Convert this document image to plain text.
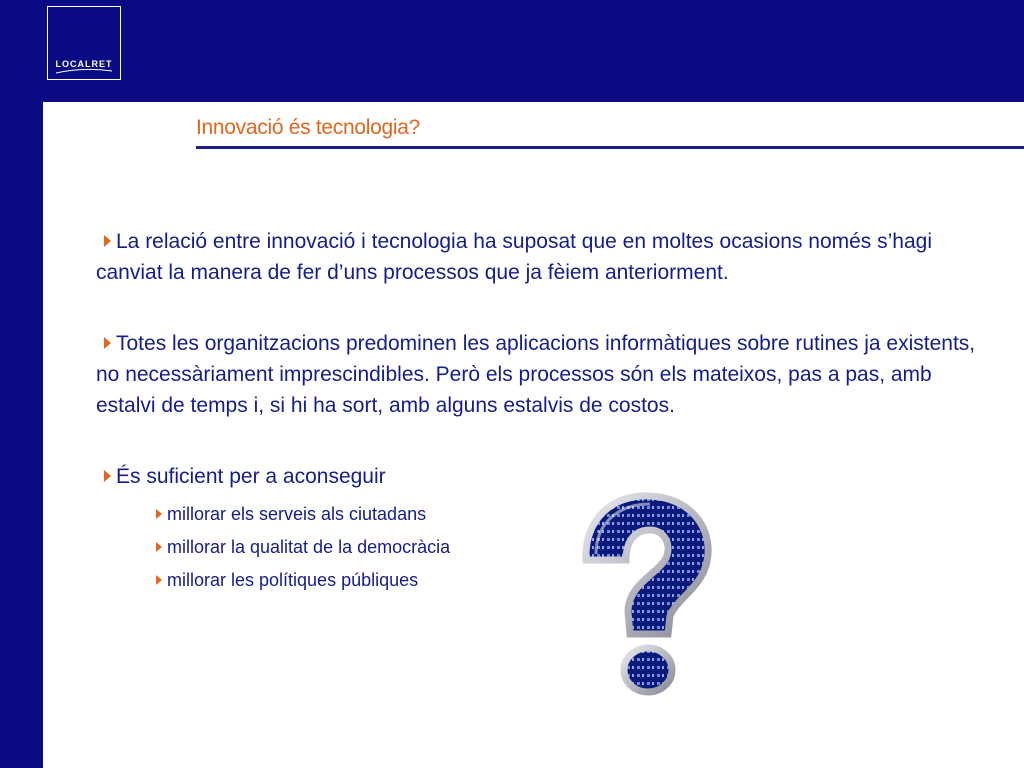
LOCALRET
Innovació és tecnologia?
La relació entre innovació i tecnologia ha suposat que en moltes ocasions només s’hagi canviat la manera de fer d’uns processos que ja fèiem anteriorment.
Totes les organitzacions predominen les aplicacions informàtiques sobre rutines ja existents, no necessàriament imprescindibles. Però els processos són els mateixos, pas a pas, amb estalvi de temps i, si hi ha sort, amb alguns estalvis de costos.
És suficient per a aconseguir
millorar els serveis als ciutadans
millorar la qualitat de la democràcia
millorar les polítiques públiques
